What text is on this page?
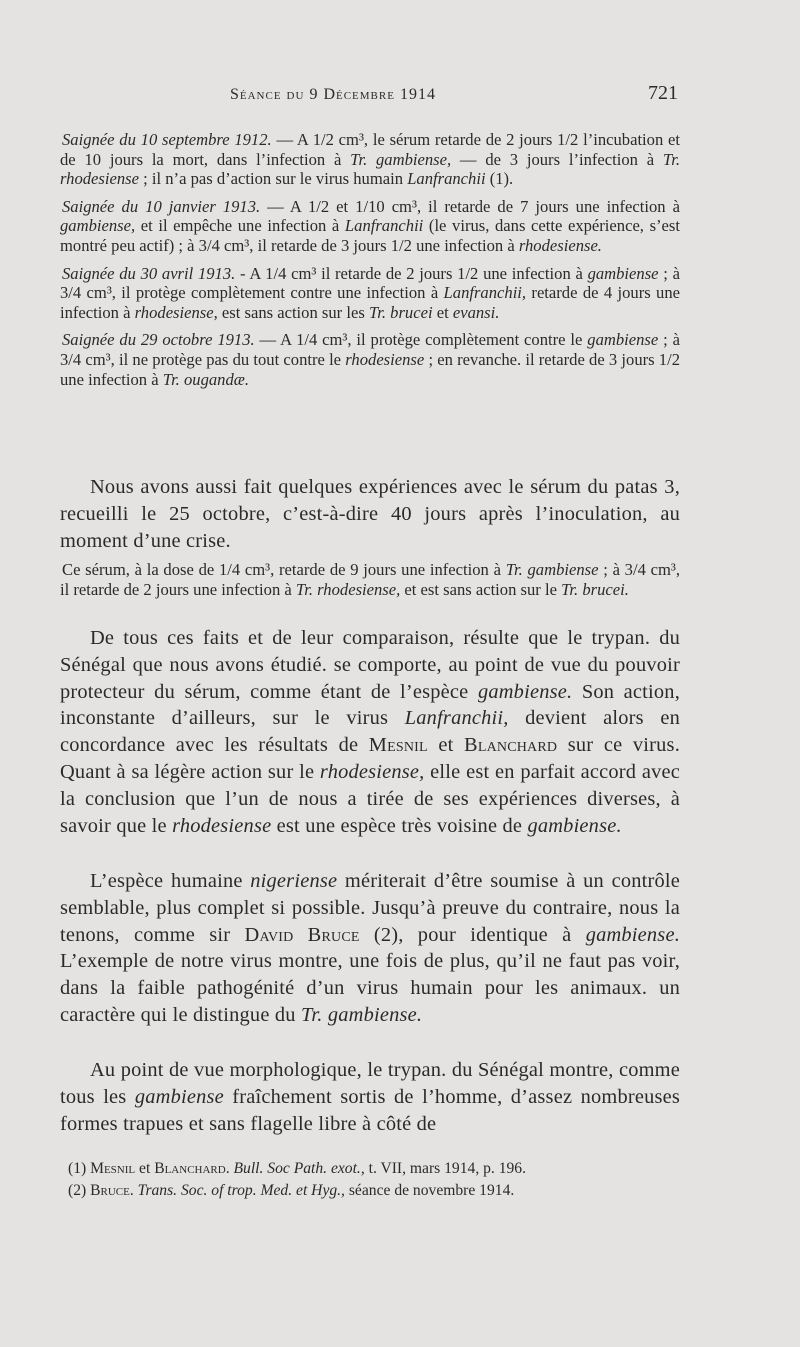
Séance du 9 Décembre 1914	721

Saignée du 10 septembre 1912. — A 1/2 cm³, le sérum retarde de 2 jours 1/2 l’incubation et de 10 jours la mort, dans l’infection à Tr. gambiense, — de 3 jours l’infection à Tr. rhodesiense ; il n’a pas d’action sur le virus humain Lanfranchii (1).

Saignée du 10 janvier 1913. — A 1/2 et 1/10 cm³, il retarde de 7 jours une infection à gambiense, et il empêche une infection à Lanfranchii (le virus, dans cette expérience, s’est montré peu actif) ; à 3/4 cm³, il retarde de 3 jours 1/2 une infection à rhodesiense.

Saignée du 30 avril 1913. - A 1/4 cm³ il retarde de 2 jours 1/2 une infection à gambiense ; à 3/4 cm³, il protège complètement contre une infection à Lanfranchii, retarde de 4 jours une infection à rhodesiense, est sans action sur les Tr. brucei et evansi.

Saignée du 29 octobre 1913. — A 1/4 cm³, il protège complètement contre le gambiense ; à 3/4 cm³, il ne protège pas du tout contre le rhodesiense ; en revanche. il retarde de 3 jours 1/2 une infection à Tr. ougandæ.

Nous avons aussi fait quelques expériences avec le sérum du patas 3, recueilli le 25 octobre, c’est-à-dire 40 jours après l’inoculation, au moment d’une crise.

Ce sérum, à la dose de 1/4 cm³, retarde de 9 jours une infection à Tr. gambiense ; à 3/4 cm³, il retarde de 2 jours une infection à Tr. rhodesiense, et est sans action sur le Tr. brucei.

De tous ces faits et de leur comparaison, résulte que le trypan. du Sénégal que nous avons étudié. se comporte, au point de vue du pouvoir protecteur du sérum, comme étant de l’espèce gambiense. Son action, inconstante d’ailleurs, sur le virus Lanfranchii, devient alors en concordance avec les résultats de Mesnil et Blanchard sur ce virus. Quant à sa légère action sur le rhodesiense, elle est en parfait accord avec la conclusion que l’un de nous a tirée de ses expériences diverses, à savoir que le rhodesiense est une espèce très voisine de gambiense.

L’espèce humaine nigeriense mériterait d’être soumise à un contrôle semblable, plus complet si possible. Jusqu’à preuve du contraire, nous la tenons, comme sir David Bruce (2), pour identique à gambiense. L’exemple de notre virus montre, une fois de plus, qu’il ne faut pas voir, dans la faible pathogénité d’un virus humain pour les animaux. un caractère qui le distingue du Tr. gambiense.

Au point de vue morphologique, le trypan. du Sénégal montre, comme tous les gambiense fraîchement sortis de l’homme, d’assez nombreuses formes trapues et sans flagelle libre à côté de

(1) Mesnil et Blanchard. Bull. Soc Path. exot., t. VII, mars 1914, p. 196.

(2) Bruce. Trans. Soc. of trop. Med. et Hyg., séance de novembre 1914.
